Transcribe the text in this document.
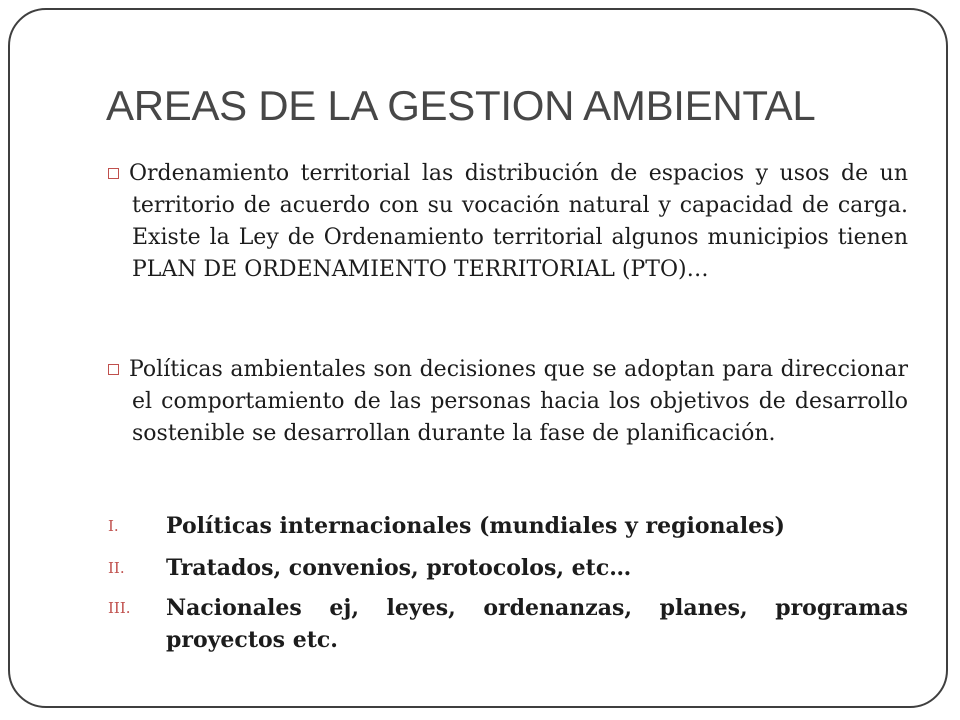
AREAS DE LA GESTION AMBIENTAL

Ordenamiento territorial las distribución de espacios y usos de un territorio de acuerdo con su vocación natural y capacidad de carga. Existe la Ley de Ordenamiento territorial algunos municipios tienen PLAN DE ORDENAMIENTO TERRITORIAL (PTO)…

Políticas ambientales son decisiones que se adoptan para direccionar el comportamiento de las personas hacia los objetivos de desarrollo sostenible se desarrollan durante la fase de planificación.

I. Políticas internacionales (mundiales y regionales)
II. Tratados, convenios, protocolos, etc…
III. Nacionales ej, leyes, ordenanzas, planes, programas proyectos etc.
